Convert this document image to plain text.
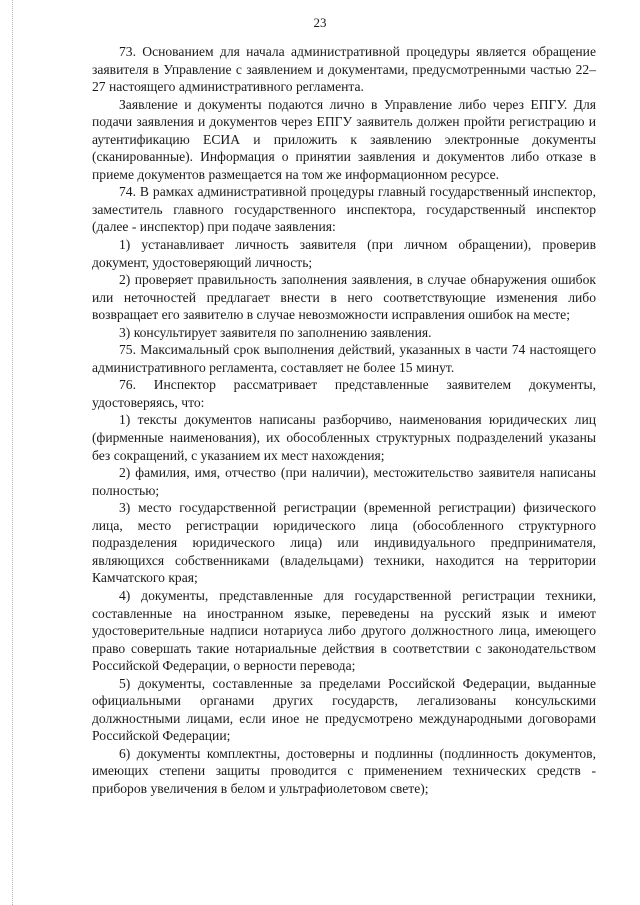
23

73. Основанием для начала административной процедуры является обращение заявителя в Управление с заявлением и документами, предусмотренными частью 22–27 настоящего административного регламента.

Заявление и документы подаются лично в Управление либо через ЕПГУ. Для подачи заявления и документов через ЕПГУ заявитель должен пройти регистрацию и аутентификацию ЕСИА и приложить к заявлению электронные документы (сканированные). Информация о принятии заявления и документов либо отказе в приеме документов размещается на том же информационном ресурсе.

74. В рамках административной процедуры главный государственный инспектор, заместитель главного государственного инспектора, государственный инспектор (далее - инспектор) при подаче заявления:

1) устанавливает личность заявителя (при личном обращении), проверив документ, удостоверяющий личность;

2) проверяет правильность заполнения заявления, в случае обнаружения ошибок или неточностей предлагает внести в него соответствующие изменения либо возвращает его заявителю в случае невозможности исправления ошибок на месте;

3) консультирует заявителя по заполнению заявления.

75. Максимальный срок выполнения действий, указанных в части 74 настоящего административного регламента, составляет не более 15 минут.

76. Инспектор рассматривает представленные заявителем документы, удостоверяясь, что:

1) тексты документов написаны разборчиво, наименования юридических лиц (фирменные наименования), их обособленных структурных подразделений указаны без сокращений, с указанием их мест нахождения;

2) фамилия, имя, отчество (при наличии), местожительство заявителя написаны полностью;

3) место государственной регистрации (временной регистрации) физического лица, место регистрации юридического лица (обособленного структурного подразделения юридического лица) или индивидуального предпринимателя, являющихся собственниками (владельцами) техники, находится на территории Камчатского края;

4) документы, представленные для государственной регистрации техники, составленные на иностранном языке, переведены на русский язык и имеют удостоверительные надписи нотариуса либо другого должностного лица, имеющего право совершать такие нотариальные действия в соответствии с законодательством Российской Федерации, о верности перевода;

5) документы, составленные за пределами Российской Федерации, выданные официальными органами других государств, легализованы консульскими должностными лицами, если иное не предусмотрено международными договорами Российской Федерации;

6) документы комплектны, достоверны и подлинны (подлинность документов, имеющих степени защиты проводится с применением технических средств - приборов увеличения в белом и ультрафиолетовом свете);
